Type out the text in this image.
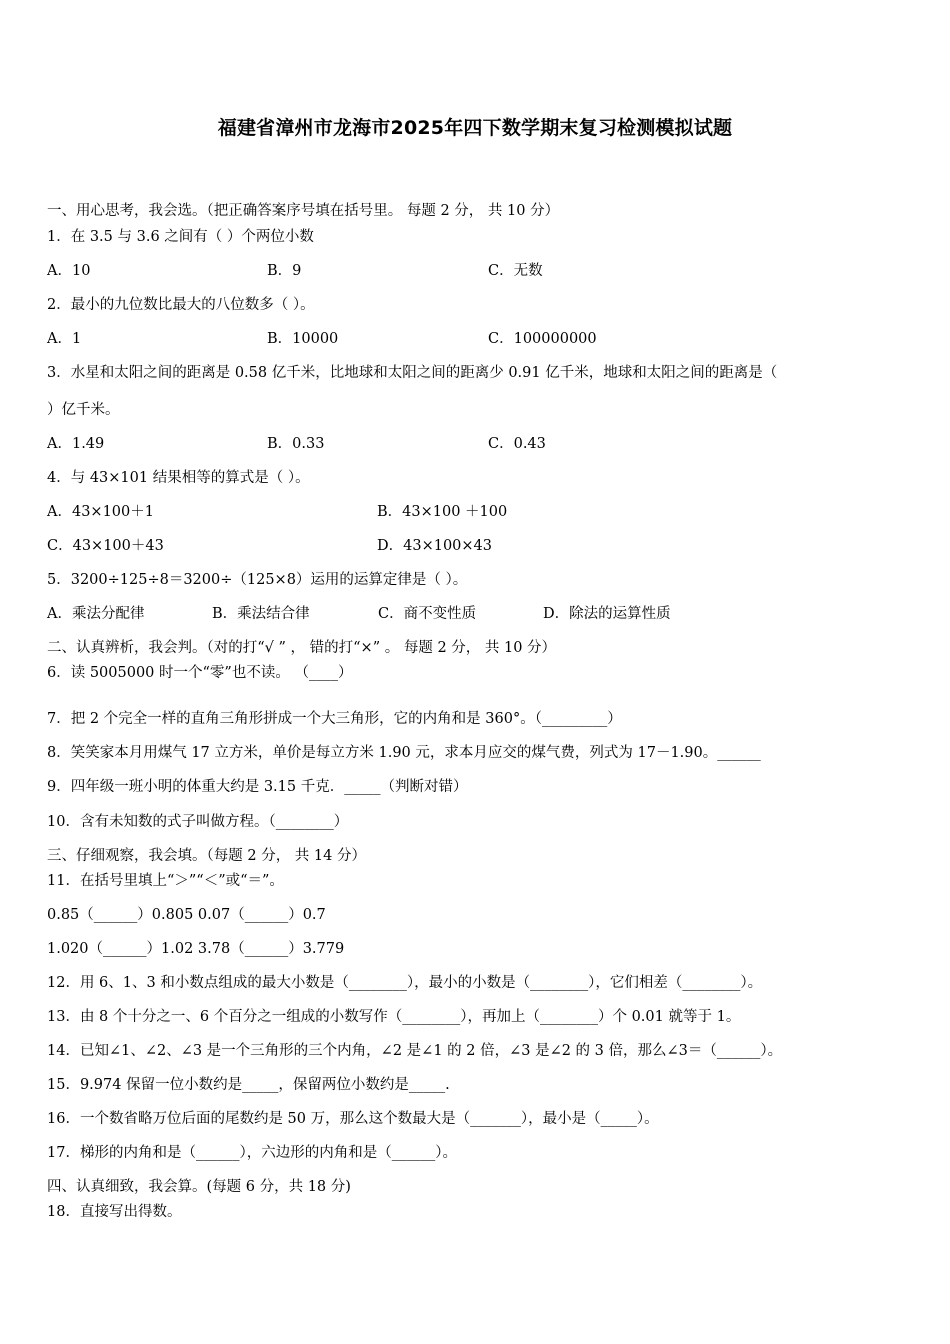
福建省漳州市龙海市2025年四下数学期末复习检测模拟试题
一、用心思考，我会选。（把正确答案序号填在括号里。 每题 2 分， 共 10 分）
1．在 3.5 与 3.6 之间有（ ）个两位小数
A．10	B．9	C．无数
2．最小的九位数比最大的八位数多（ ）。
A．1	B．10000	C．100000000
3．水星和太阳之间的距离是 0.58 亿千米，比地球和太阳之间的距离少 0.91 亿千米，地球和太阳之间的距离是（
）亿千米。
A．1.49	B．0.33	C．0.43
4．与 43×101 结果相等的算式是（ ）。
A．43×100＋1	B．43×100 ＋100
C．43×100＋43	D．43×100×43
5．3200÷125÷8＝3200÷（125×8）运用的运算定律是（ ）。
A．乘法分配律	B．乘法结合律	C．商不变性质	D．除法的运算性质
二、认真辨析，我会判。（对的打“√ ” ， 错的打“×” 。 每题 2 分， 共 10 分）
6．读 5005000 时一个“零”也不读。 （____）
7．把 2 个完全一样的直角三角形拼成一个大三角形，它的内角和是 360°。（_________）
8．笑笑家本月用煤气 17 立方米，单价是每立方米 1.90 元，求本月应交的煤气费，列式为 17－1.90。______
9．四年级一班小明的体重大约是 3.15 千克．_____（判断对错）
10．含有未知数的式子叫做方程。（________）
三、仔细观察，我会填。（每题 2 分， 共 14 分）
11．在括号里填上“＞”“＜”或“＝”。
0.85（______）0.805 0.07（______）0.7
1.020（______）1.02 3.78（______）3.779
12．用 6、1、3 和小数点组成的最大小数是（________），最小的小数是（________），它们相差（________）。
13．由 8 个十分之一、6 个百分之一组成的小数写作（________），再加上（________）个 0.01 就等于 1。
14．已知∠1、∠2、∠3 是一个三角形的三个内角，∠2 是∠1 的 2 倍，∠3 是∠2 的 3 倍，那么∠3＝（______）。
15．9.974 保留一位小数约是_____，保留两位小数约是_____.
16．一个数省略万位后面的尾数约是 50 万，那么这个数最大是（_______），最小是（_____）。
17．梯形的内角和是（______），六边形的内角和是（______）。
四、认真细致，我会算。(每题 6 分，共 18 分)
18．直接写出得数。
